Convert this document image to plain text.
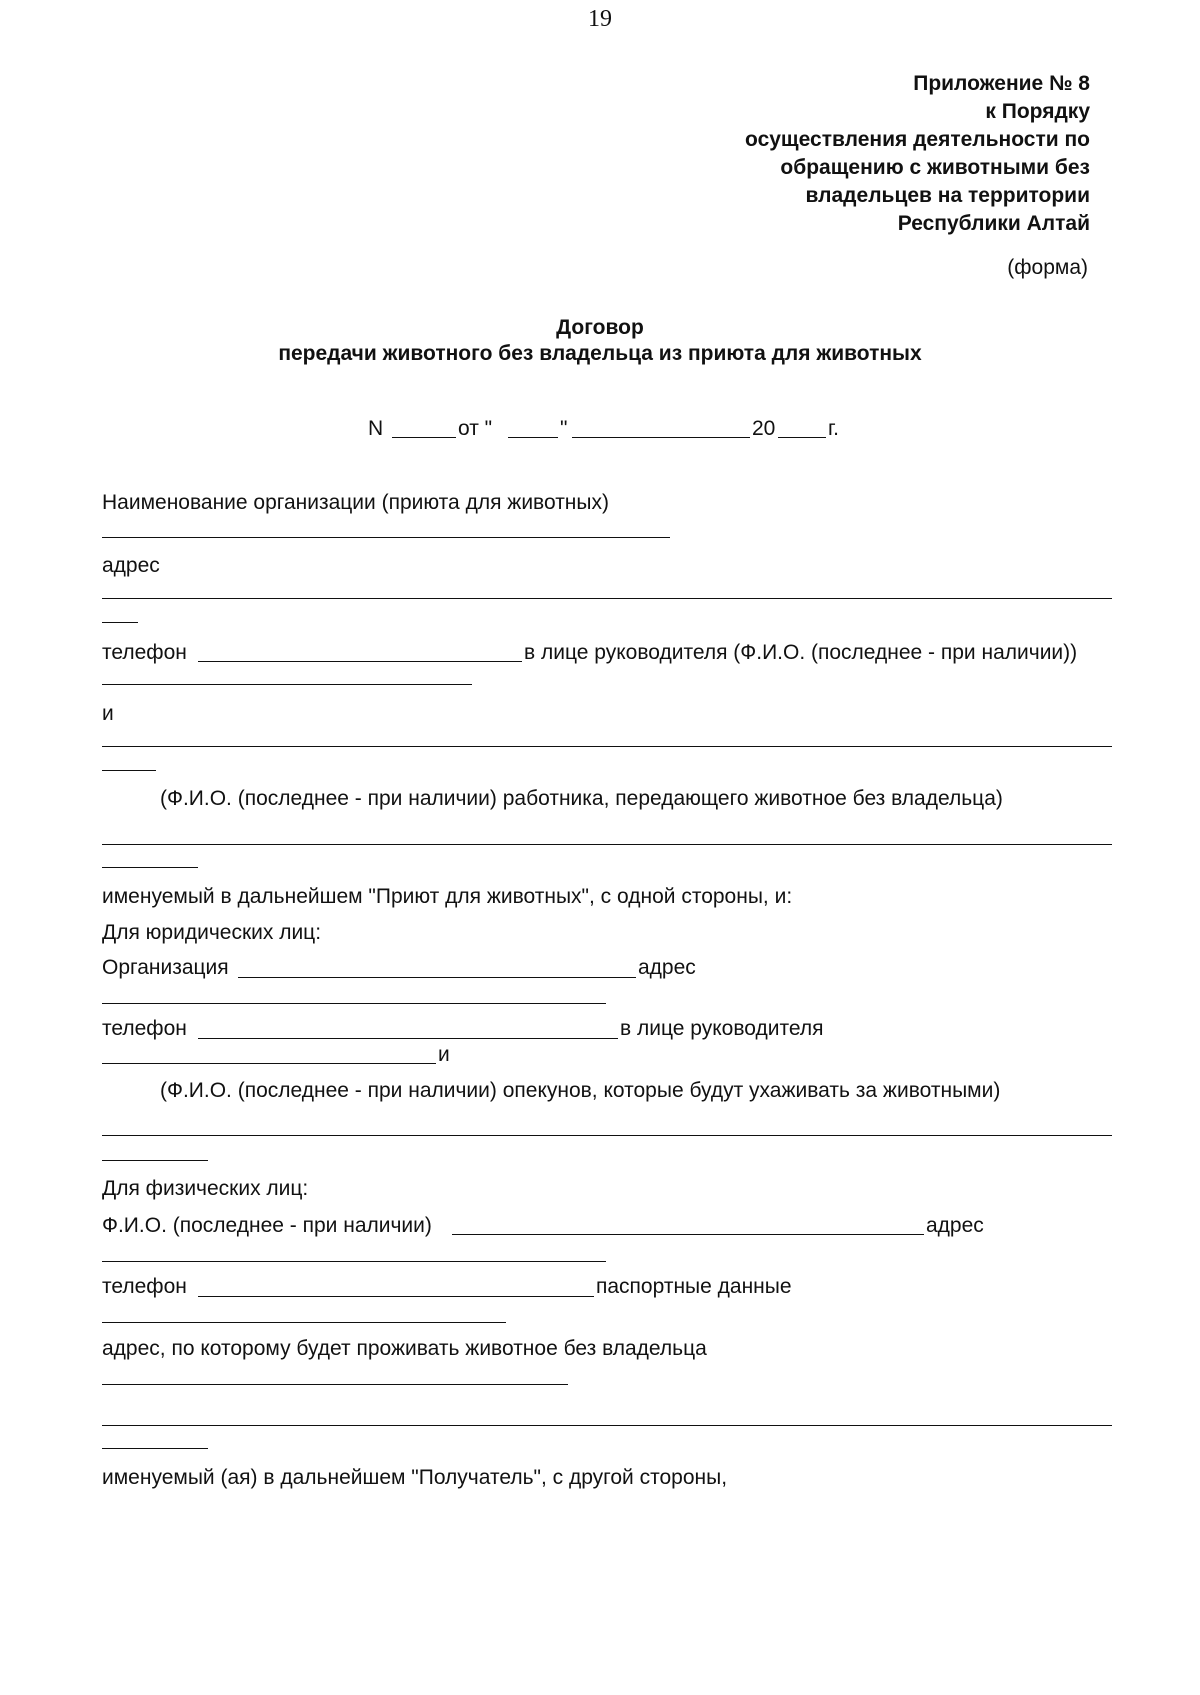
19
Приложение № 8
к Порядку
осуществления деятельности по
обращению с животными без
владельцев на территории
Республики Алтай
(форма)
Договор
передачи животного без владельца из приюта для животных
N	от "	"	20	г.
Наименование организации (приюта для животных)
адрес
телефон	в лице руководителя (Ф.И.О. (последнее - при наличии))
и
(Ф.И.О. (последнее - при наличии) работника, передающего животное без владельца)
именуемый в дальнейшем "Приют для животных", с одной стороны, и:
Для юридических лиц:
Организация	адрес
телефон	в лице руководителя
и
(Ф.И.О. (последнее - при наличии) опекунов, которые будут ухаживать за животными)
Для физических лиц:
Ф.И.О. (последнее - при наличии)	адрес
телефон	паспортные данные
адрес, по которому будет проживать животное без владельца
именуемый (ая) в дальнейшем "Получатель", с другой стороны,
